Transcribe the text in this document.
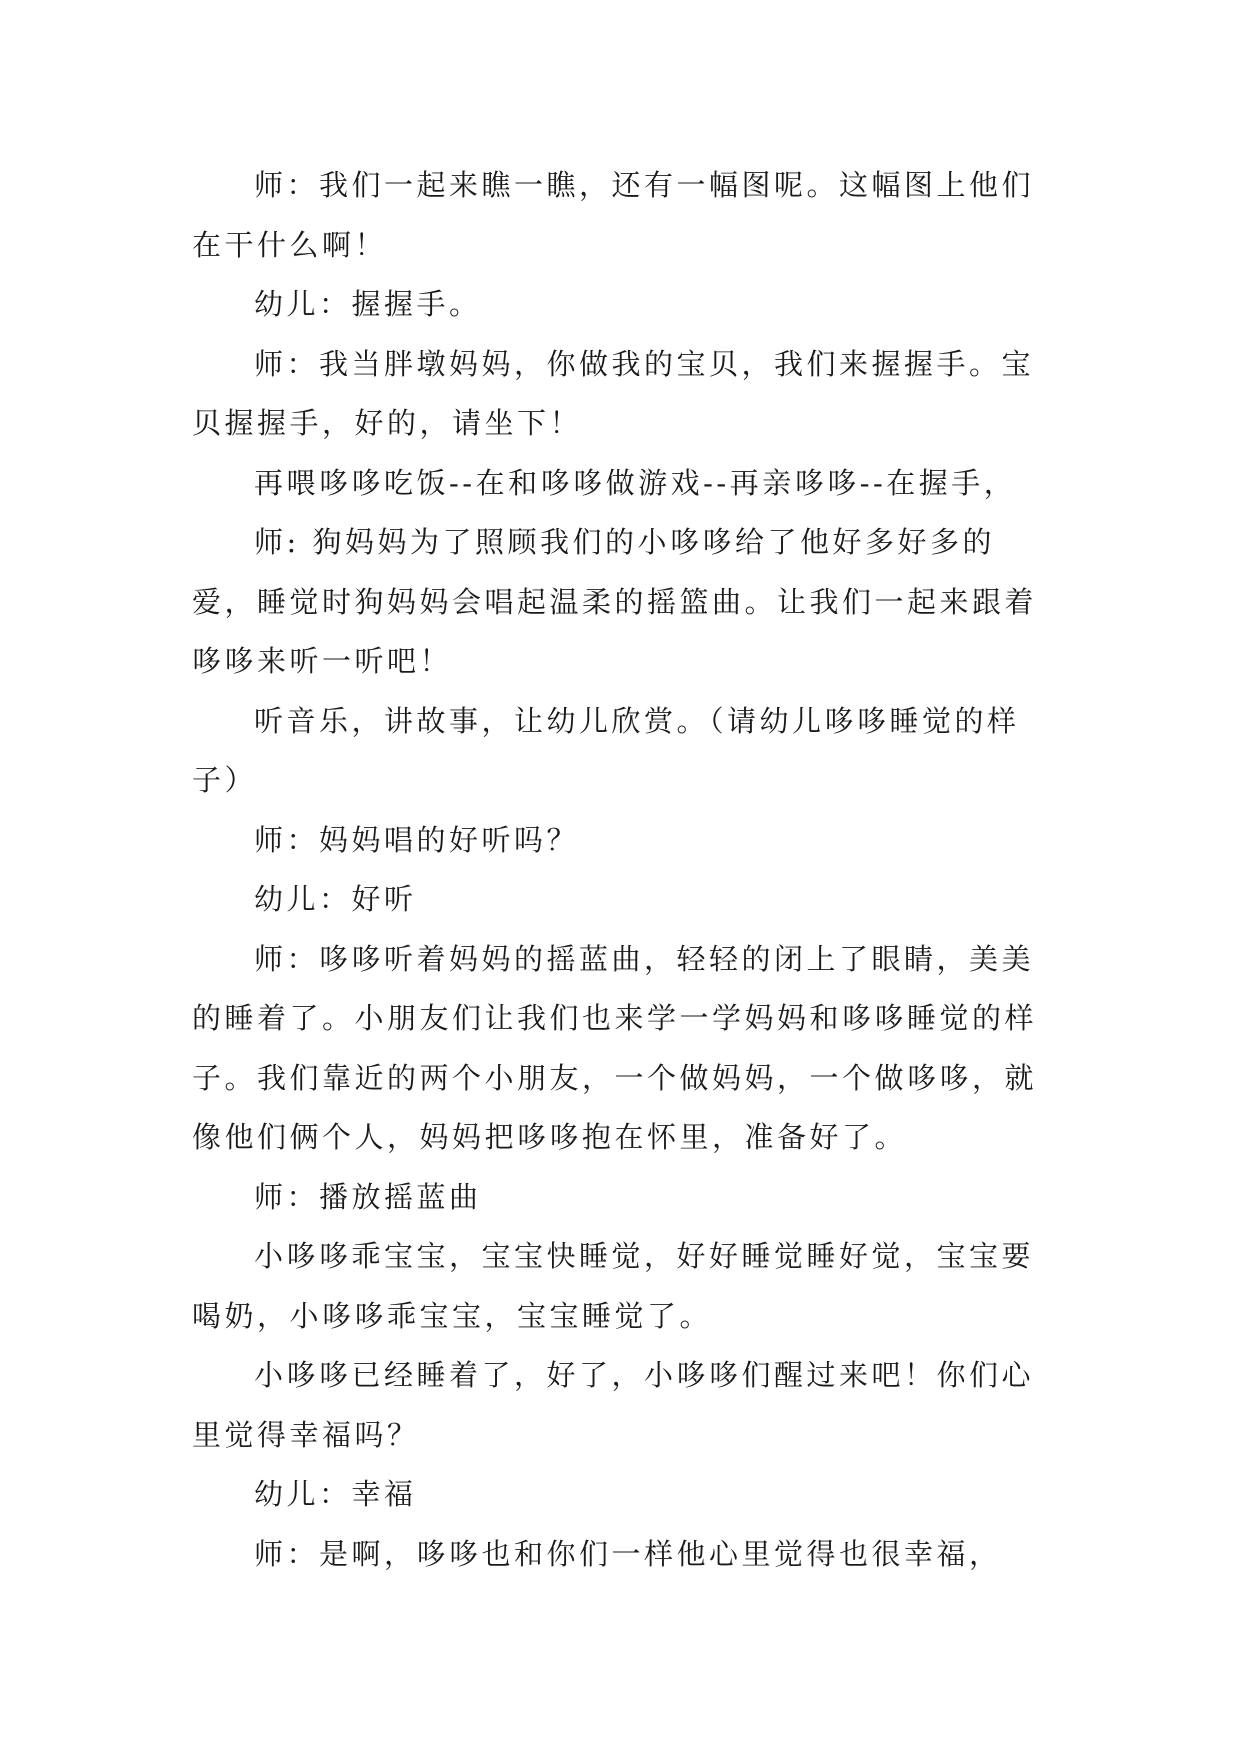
师：我们一起来瞧一瞧，还有一幅图呢。这幅图上他们在干什么啊！

幼儿：握握手。

师：我当胖墩妈妈，你做我的宝贝，我们来握握手。宝贝握握手，好的，请坐下！

再喂哆哆吃饭--在和哆哆做游戏--再亲哆哆--在握手，

师: 狗妈妈为了照顾我们的小哆哆给了他好多好多的爱，睡觉时狗妈妈会唱起温柔的摇篮曲。让我们一起来跟着哆哆来听一听吧！

听音乐，讲故事，让幼儿欣赏。（请幼儿哆哆睡觉的样子）

师：妈妈唱的好听吗？

幼儿：好听

师：哆哆听着妈妈的摇蓝曲，轻轻的闭上了眼睛，美美的睡着了。小朋友们让我们也来学一学妈妈和哆哆睡觉的样子。我们靠近的两个小朋友，一个做妈妈，一个做哆哆，就像他们俩个人，妈妈把哆哆抱在怀里，准备好了。

师：播放摇蓝曲

小哆哆乖宝宝，宝宝快睡觉，好好睡觉睡好觉，宝宝要喝奶，小哆哆乖宝宝，宝宝睡觉了。

小哆哆已经睡着了，好了，小哆哆们醒过来吧！你们心里觉得幸福吗？

幼儿：幸福

师：是啊，哆哆也和你们一样他心里觉得也很幸福，
